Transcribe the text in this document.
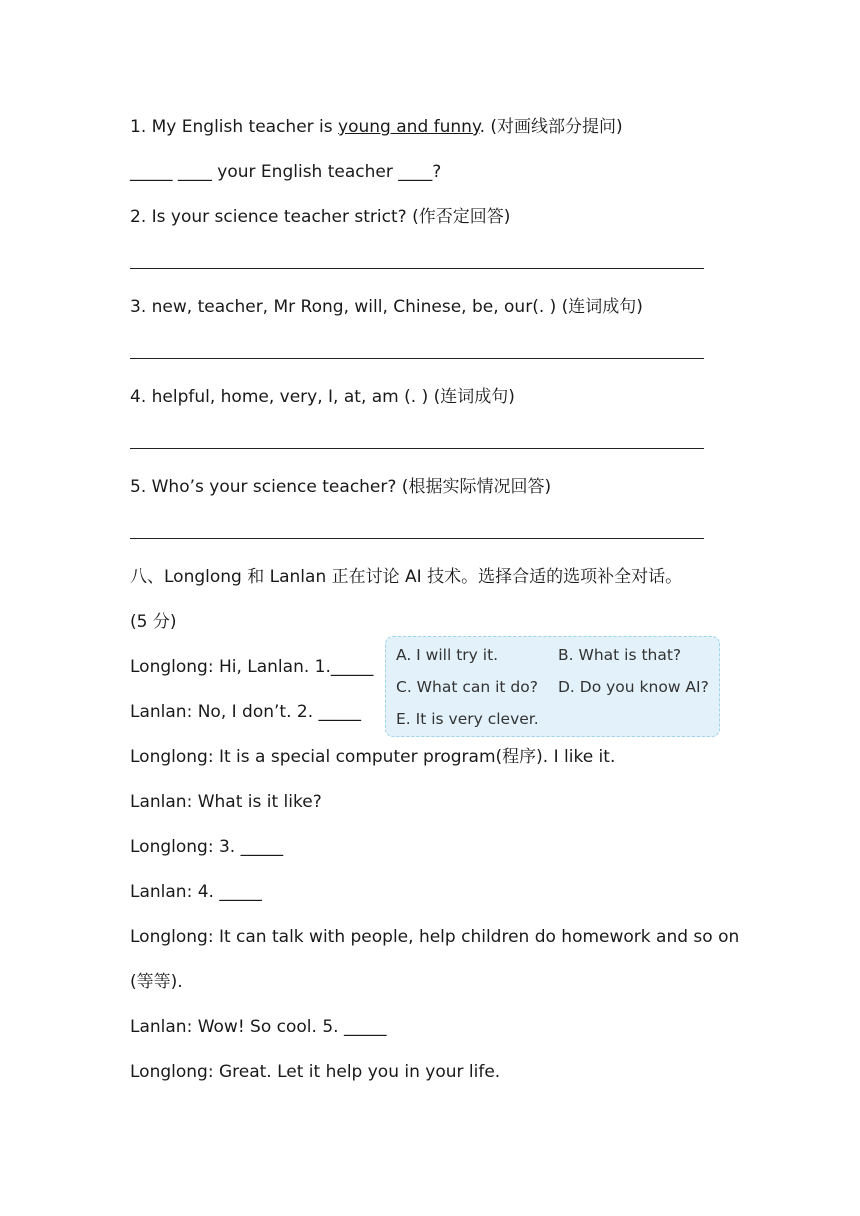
1. My English teacher is young and funny. (对画线部分提问)
_____ ____ your English teacher ____?
2. Is your science teacher strict? (作否定回答)
3. new, teacher, Mr Rong, will, Chinese, be, our(. ) (连词成句)
4. helpful, home, very, I, at, am (. ) (连词成句)
5. Who’s your science teacher? (根据实际情况回答)
八、Longlong 和 Lanlan 正在讨论 AI 技术。选择合适的选项补全对话。
(5 分)
A. I will try it.	B. What is that?
C. What can it do? D. Do you know AI?
E. It is very clever.
Longlong: Hi, Lanlan. 1._____
Lanlan: No, I don’t. 2. _____
Longlong: It is a special computer program(程序). I like it.
Lanlan: What is it like?
Longlong: 3. _____
Lanlan: 4. _____
Longlong: It can talk with people, help children do homework and so on
(等等).
Lanlan: Wow! So cool. 5. _____
Longlong: Great. Let it help you in your life.
